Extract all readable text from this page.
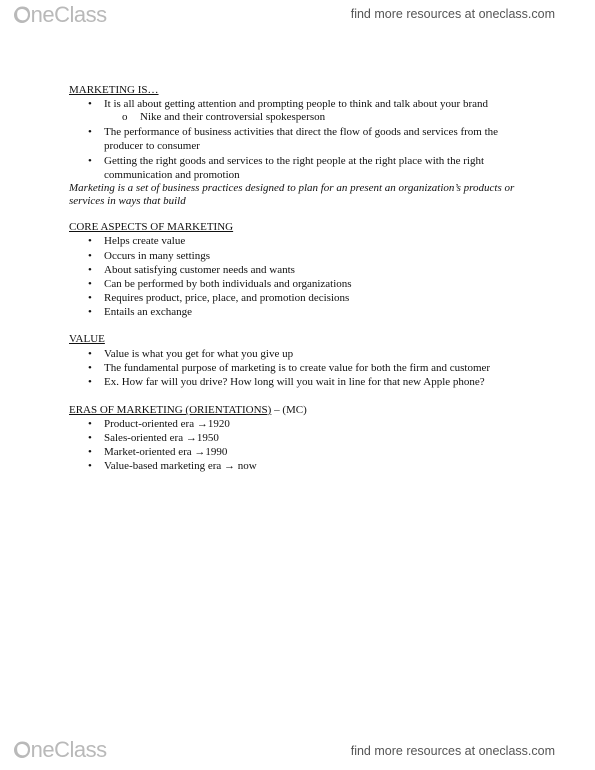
OneClass	find more resources at oneclass.com
MARKETING IS…
• It is all about getting attention and prompting people to think and talk about your brand
o Nike and their controversial spokesperson
• The performance of business activities that direct the flow of goods and services from the producer to consumer
• Getting the right goods and services to the right people at the right place with the right communication and promotion
Marketing is a set of business practices designed to plan for an present an organization’s products or services in ways that build
CORE ASPECTS OF MARKETING
• Helps create value
• Occurs in many settings
• About satisfying customer needs and wants
• Can be performed by both individuals and organizations
• Requires product, price, place, and promotion decisions
• Entails an exchange
VALUE
• Value is what you get for what you give up
• The fundamental purpose of marketing is to create value for both the firm and customer
• Ex. How far will you drive? How long will you wait in line for that new Apple phone?
ERAS OF MARKETING (ORIENTATIONS) – (MC)
• Product-oriented era →1920
• Sales-oriented era →1950
• Market-oriented era →1990
• Value-based marketing era → now
OneClass	find more resources at oneclass.com
